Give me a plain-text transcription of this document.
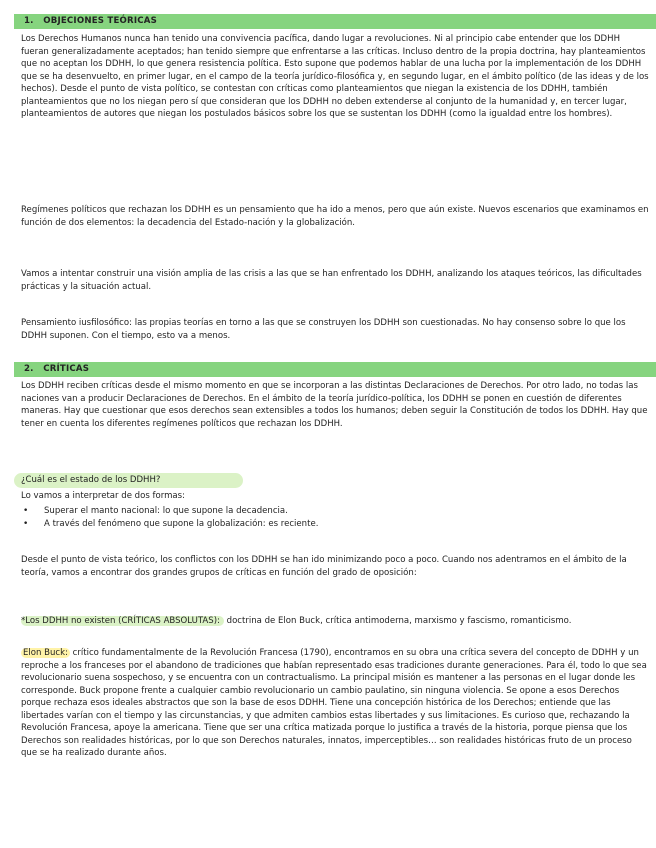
1. OBJECIONES TEÓRICAS

Los Derechos Humanos nunca han tenido una convivencia pacífica, dando lugar a revoluciones. Ni al principio cabe entender que los DDHH fueran generalizadamente aceptados; han tenido siempre que enfrentarse a las críticas. Incluso dentro de la propia doctrina, hay planteamientos que no aceptan los DDHH, lo que genera resistencia política. Esto supone que podemos hablar de una lucha por la implementación de los DDHH que se ha desenvuelto, en primer lugar, en el campo de la teoría jurídico-filosófica y, en segundo lugar, en el ámbito político (de las ideas y de los hechos). Desde el punto de vista político, se contestan con críticas como planteamientos que niegan la existencia de los DDHH, también planteamientos que no los niegan pero sí que consideran que los DDHH no deben extenderse al conjunto de la humanidad y, en tercer lugar, planteamientos de autores que niegan los postulados básicos sobre los que se sustentan los DDHH (como la igualdad entre los hombres).

Regímenes políticos que rechazan los DDHH es un pensamiento que ha ido a menos, pero que aún existe. Nuevos escenarios que examinamos en función de dos elementos: la decadencia del Estado-nación y la globalización.

Vamos a intentar construir una visión amplia de las crisis a las que se han enfrentado los DDHH, analizando los ataques teóricos, las dificultades prácticas y la situación actual.

Pensamiento iusfilosófico: las propias teorías en torno a las que se construyen los DDHH son cuestionadas. No hay consenso sobre lo que los DDHH suponen. Con el tiempo, esto va a menos.

2. CRÍTICAS

Los DDHH reciben críticas desde el mismo momento en que se incorporan a las distintas Declaraciones de Derechos. Por otro lado, no todas las naciones van a producir Declaraciones de Derechos. En el ámbito de la teoría jurídico-política, los DDHH se ponen en cuestión de diferentes maneras. Hay que cuestionar que esos derechos sean extensibles a todos los humanos; deben seguir la Constitución de todos los DDHH. Hay que tener en cuenta los diferentes regímenes políticos que rechazan los DDHH.

¿Cuál es el estado de los DDHH?

Lo vamos a interpretar de dos formas:

• Superar el manto nacional: lo que supone la decadencia.
• A través del fenómeno que supone la globalización: es reciente.

Desde el punto de vista teórico, los conflictos con los DDHH se han ido minimizando poco a poco. Cuando nos adentramos en el ámbito de la teoría, vamos a encontrar dos grandes grupos de críticas en función del grado de oposición:

*Los DDHH no existen (CRÍTICAS ABSOLUTAS): doctrina de Elon Buck, crítica antimoderna, marxismo y fascismo, romanticismo.

Elon Buck: crítico fundamentalmente de la Revolución Francesa (1790), encontramos en su obra una crítica severa del concepto de DDHH y un reproche a los franceses por el abandono de tradiciones que habían representado esas tradiciones durante generaciones. Para él, todo lo que sea revolucionario suena sospechoso, y se encuentra con un contractualismo. La principal misión es mantener a las personas en el lugar donde les corresponde. Buck propone frente a cualquier cambio revolucionario un cambio paulatino, sin ninguna violencia. Se opone a esos Derechos porque rechaza esos ideales abstractos que son la base de esos DDHH. Tiene una concepción histórica de los Derechos; entiende que las libertades varían con el tiempo y las circunstancias, y que admiten cambios estas libertades y sus limitaciones. Es curioso que, rechazando la Revolución Francesa, apoye la americana. Tiene que ser una crítica matizada porque lo justifica a través de la historia, porque piensa que los Derechos son realidades históricas, por lo que son Derechos naturales, innatos, imperceptibles… son realidades históricas fruto de un proceso que se ha realizado durante años.
